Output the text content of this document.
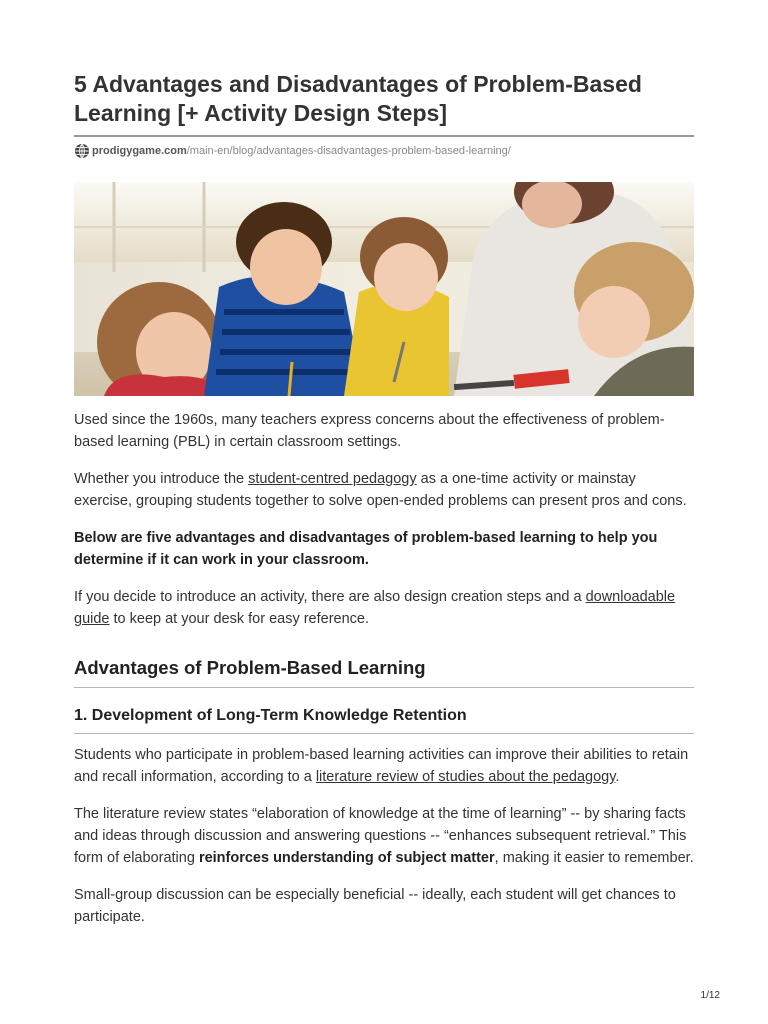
5 Advantages and Disadvantages of Problem-Based Learning [+ Activity Design Steps]
prodigygame.com /main-en/blog/advantages-disadvantages-problem-based-learning/

Used since the 1960s, many teachers express concerns about the effectiveness of problem-based learning (PBL) in certain classroom settings.

Whether you introduce the student-centred pedagogy as a one-time activity or mainstay exercise, grouping students together to solve open-ended problems can present pros and cons.

Below are five advantages and disadvantages of problem-based learning to help you determine if it can work in your classroom.

If you decide to introduce an activity, there are also design creation steps and a downloadable guide to keep at your desk for easy reference.

Advantages of Problem-Based Learning
1. Development of Long-Term Knowledge Retention

Students who participate in problem-based learning activities can improve their abilities to retain and recall information, according to a literature review of studies about the pedagogy.

The literature review states “elaboration of knowledge at the time of learning” -- by sharing facts and ideas through discussion and answering questions -- “enhances subsequent retrieval.” This form of elaborating reinforces understanding of subject matter, making it easier to remember.

Small-group discussion can be especially beneficial -- ideally, each student will get chances to participate.

1/12
